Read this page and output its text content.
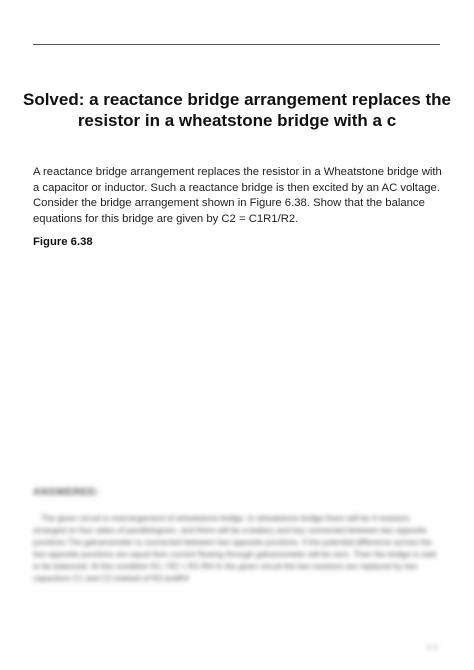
Solved: a reactance bridge arrangement replaces the resistor in a wheatstone bridge with a c
A reactance bridge arrangement replaces the resistor in a Wheatstone bridge with a capacitor or inductor. Such a reactance bridge is then excited by an AC voltage. Consider the bridge arrangement shown in Figure 6.38. Show that the balance equations for this bridge are given by C2 = C1R1/R2.
Figure 6.38
ANSWERED:
The given circuit is rearrangement of wheatstone bridge. In wheatstone bridge there will be 4 resistors arranged on four sides of parallelogram, and there will be a battery and key connected between two opposite junctions The galvanometer is connected between two opposite junctions. If the potential difference across the two opposite junctions are equal then current flowing through galvanometer will be zero. Then the bridge is said to be balanced. At this condition R1 / R2 = R3 /R4 In the given circuit the two resistors are replaced by two capacitors C1 and C2 instead of R3 andR4
1 / 2
